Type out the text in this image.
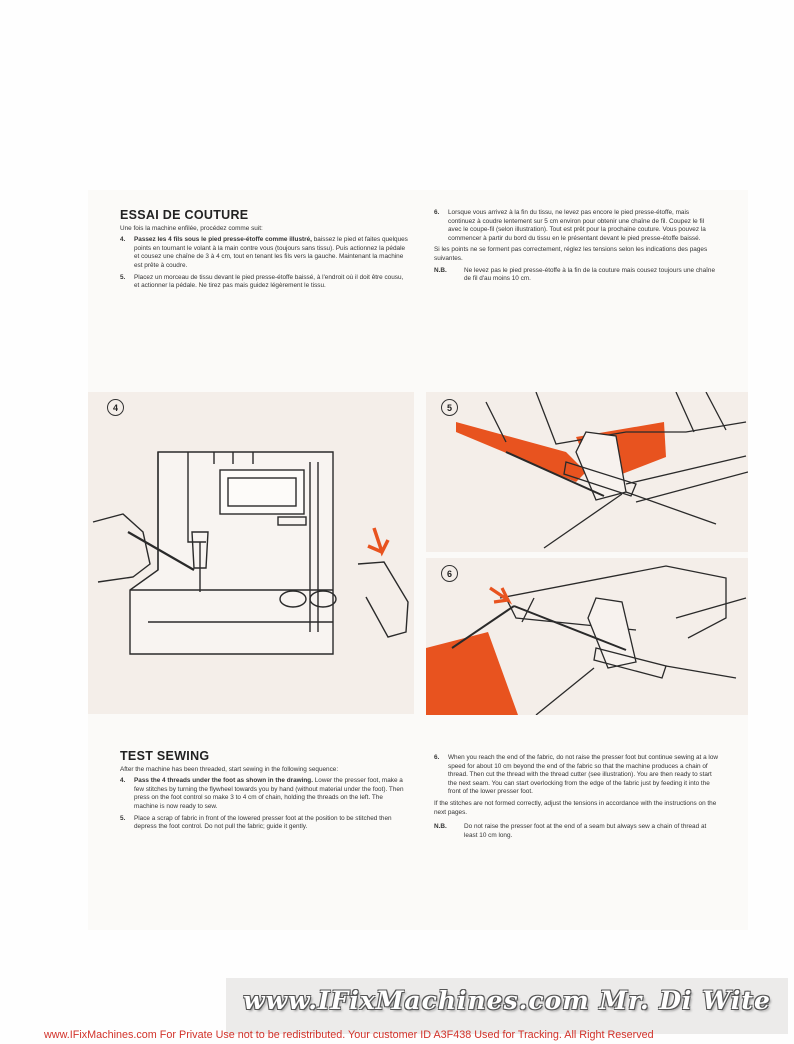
ESSAI DE COUTURE

Une fois la machine enfilée, procédez comme suit:

4.	Passez les 4 fils sous le pied presse-étoffe comme illustré, baissez le pied et faites quelques points en tournant le volant à la main contre vous (toujours sans tissu). Puis actionnez la pédale et cousez une chaîne de 3 à 4 cm, tout en tenant les fils vers la gauche. Maintenant la machine est prête à coudre.
5.	Placez un morceau de tissu devant le pied presse-étoffe baissé, à l'endroit où il doit être cousu, et actionner la pédale. Ne tirez pas mais guidez légèrement le tissu.
6.	Lorsque vous arrivez à la fin du tissu, ne levez pas encore le pied presse-étoffe, mais continuez à coudre lentement sur 5 cm environ pour obtenir une chaîne de fil. Coupez le fil avec le coupe-fil (selon illustration). Tout est prêt pour la prochaine couture. Vous pouvez la commencer à partir du bord du tissu en le présentant devant le pied presse-étoffe baissé.

Si les points ne se forment pas correctement, réglez les tensions selon les indications des pages suivantes.

N.B.	Ne levez pas le pied presse-étoffe à la fin de la couture mais cousez toujours une chaîne de fil d'au moins 10 cm.
4	5
6
TEST SEWING

After the machine has been threaded, start sewing in the following sequence:

4.	Pass the 4 threads under the foot as shown in the drawing. Lower the presser foot, make a few stitches by turning the flywheel towards you by hand (without material under the foot). Then press on the foot control so make 3 to 4 cm of chain, holding the threads on the left. The machine is now ready to sew.
5.	Place a scrap of fabric in front of the lowered presser foot at the position to be stitched then depress the foot control. Do not pull the fabric; guide it gently.
6.	When you reach the end of the fabric, do not raise the presser foot but continue sewing at a low speed for about 10 cm beyond the end of the fabric so that the machine produces a chain of thread. Then cut the thread with the thread cutter (see illustration). You are then ready to start the next seam. You can start overlocking from the edge of the fabric just by feeding it into the front of the lower presser foot.

If the stitches are not formed correctly, adjust the tensions in accordance with the instructions on the next pages.

N.B.	Do not raise the presser foot at the end of a seam but always sew a chain of thread at least 10 cm long.
www.IFixMachines.com Mr. Di Wite
www.IFixMachines.com For Private Use not to be redistributed. Your customer ID A3F438 Used for Tracking. All Right Reserved
